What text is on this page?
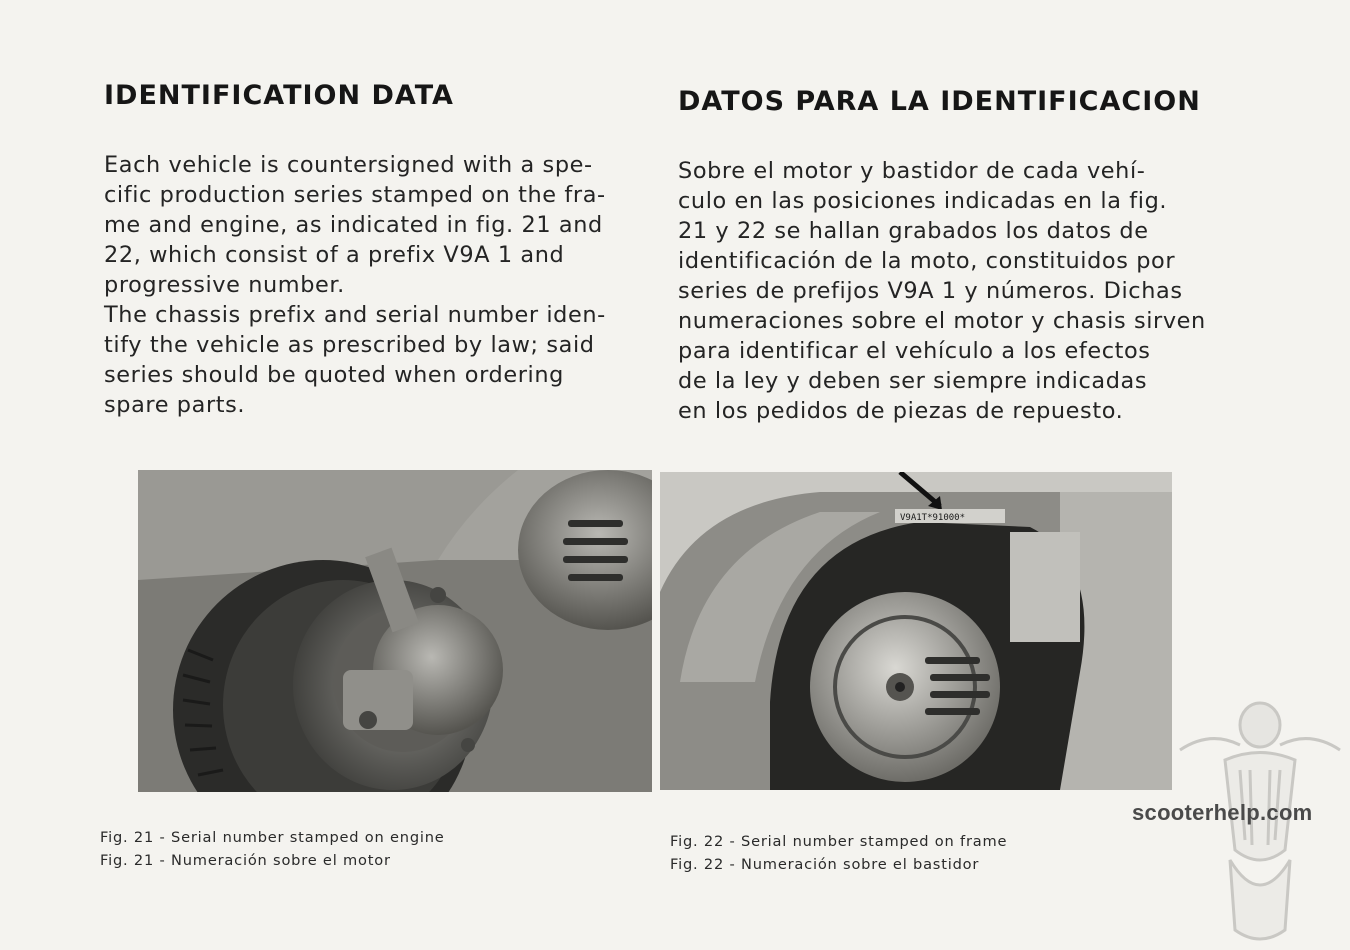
IDENTIFICATION DATA	DATOS PARA LA IDENTIFICACION

Each vehicle is countersigned with a spe-
cific production series stamped on the fra-
me and engine, as indicated in fig. 21 and
22, which consist of a prefix V9A 1 and
progressive number.

The chassis prefix and serial number iden-
tify the vehicle as prescribed by law; said
series should be quoted when ordering
spare parts.

Sobre el motor y bastidor de cada vehí-
culo en las posiciones indicadas en la fig.
21 y 22 se hallan grabados los datos de
identificación de la moto, constituidos por
series de prefijos V9A 1 y números. Dichas
numeraciones sobre el motor y chasis sirven
para identificar el vehículo a los efectos
de la ley y deben ser siempre indicadas
en los pedidos de piezas de repuesto.

V9A1T*91000*

Fig. 21 - Serial number stamped on engine
Fig. 21 - Numeración sobre el motor

Fig. 22 - Serial number stamped on frame
Fig. 22 - Numeración sobre el bastidor

scooterhelp.com
